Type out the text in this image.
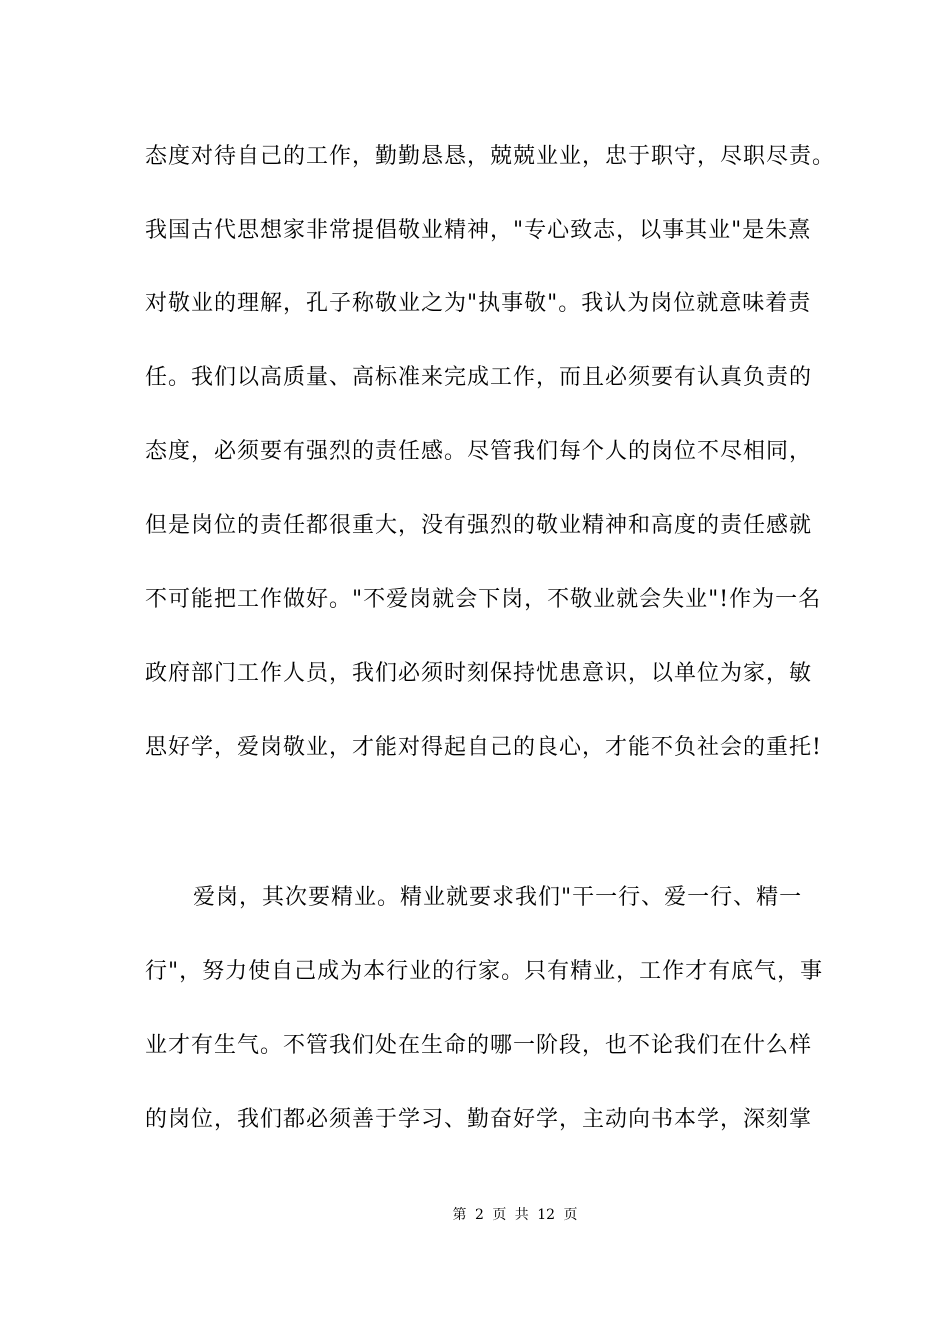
态度对待自己的工作，勤勤恳恳，兢兢业业，忠于职守，尽职尽责。
我国古代思想家非常提倡敬业精神，"专心致志，以事其业"是朱熹
对敬业的理解，孔子称敬业之为"执事敬"。我认为岗位就意味着责
任。我们以高质量、高标准来完成工作，而且必须要有认真负责的
态度，必须要有强烈的责任感。尽管我们每个人的岗位不尽相同，
但是岗位的责任都很重大，没有强烈的敬业精神和高度的责任感就
不可能把工作做好。"不爱岗就会下岗，不敬业就会失业"!作为一名
政府部门工作人员，我们必须时刻保持忧患意识，以单位为家，敏
思好学，爱岗敬业，才能对得起自己的良心，才能不负社会的重托!
爱岗，其次要精业。精业就要求我们"干一行、爱一行、精一
行"，努力使自己成为本行业的行家。只有精业，工作才有底气，事
业才有生气。不管我们处在生命的哪一阶段，也不论我们在什么样
的岗位，我们都必须善于学习、勤奋好学，主动向书本学，深刻掌
第 2 页 共 12 页
